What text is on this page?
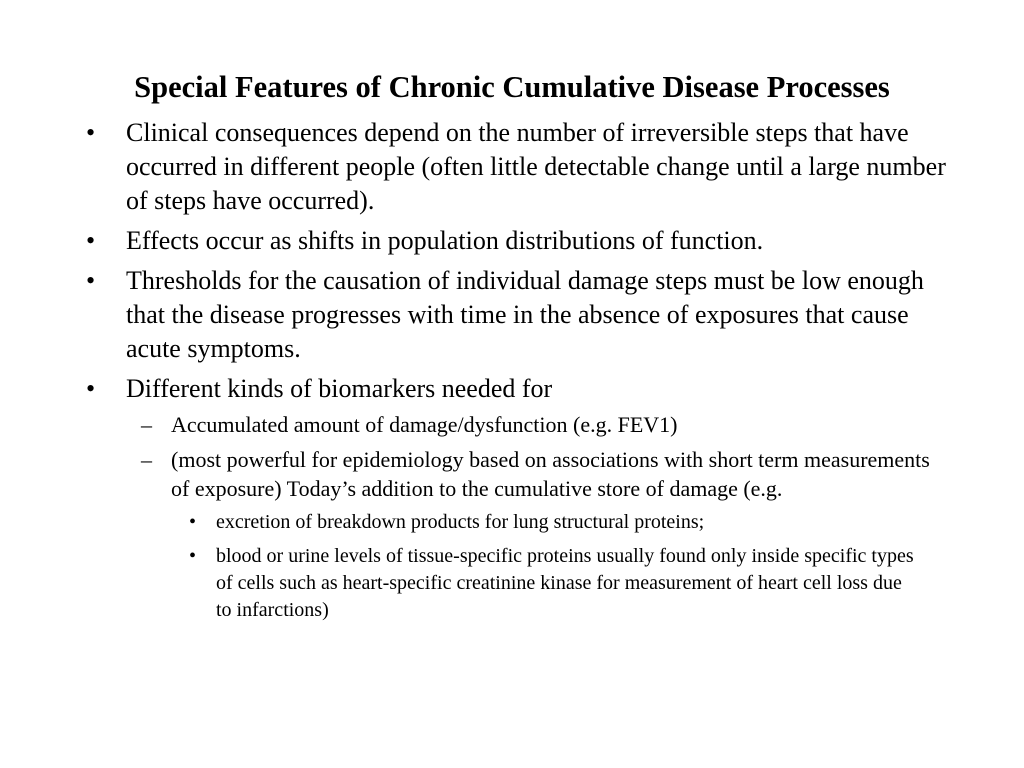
Special Features of Chronic Cumulative Disease Processes
• Clinical consequences depend on the number of irreversible steps that have occurred in different people (often little detectable change until a large number of steps have occurred).
• Effects occur as shifts in population distributions of function.
• Thresholds for the causation of individual damage steps must be low enough that the disease progresses with time in the absence of exposures that cause acute symptoms.
• Different kinds of biomarkers needed for
– Accumulated amount of damage/dysfunction (e.g. FEV1)
– (most powerful for epidemiology based on associations with short term measurements of exposure) Today’s addition to the cumulative store of damage (e.g.
• excretion of breakdown products for lung structural proteins;
• blood or urine levels of tissue-specific proteins usually found only inside specific types of cells such as heart-specific creatinine kinase for measurement of heart cell loss due to infarctions)
